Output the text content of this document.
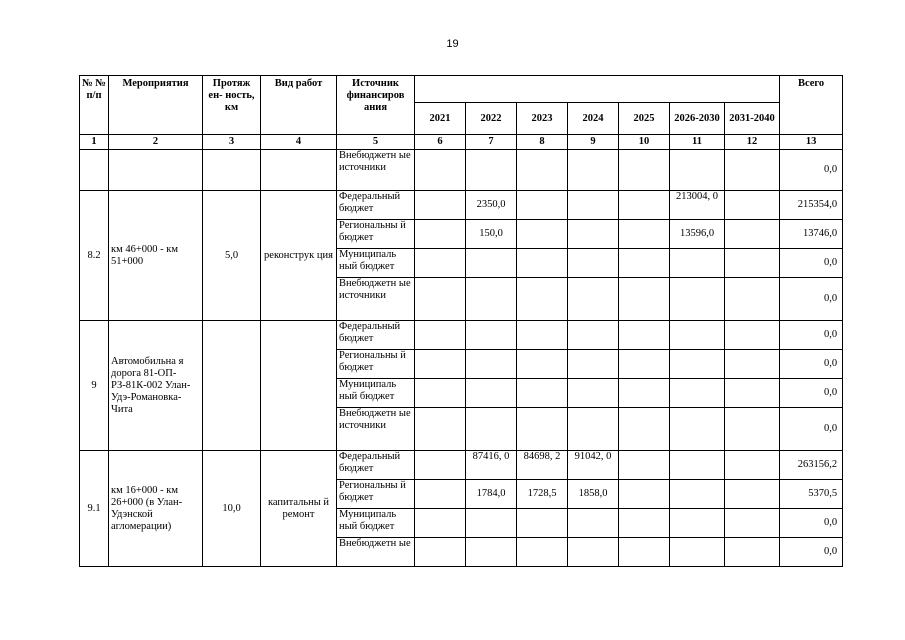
19
№ № п/п	Мероприятия	Протяж ен- ность, км	Вид работ	Источник финансиров ания								Всего
					2021	2022	2023	2024	2025	2026-2030	2031-2040	
1	2	3	4	5	6	7	8	9	10	11	12	13
				Внебюджетн ые источники								0,0
8.2	км 46+000 - км 51+000	5,0	реконструк ция	Федеральный бюджет		2350,0				213004, 0		215354,0
				Региональны й бюджет		150,0				13596,0		13746,0
				Муниципаль ный бюджет								0,0
				Внебюджетн ые источники								0,0
9	Автомобильна я дорога 81-ОП-РЗ-81К-002 Улан-Удэ-Романовка-Чита			Федеральный бюджет								0,0
				Региональны й бюджет								0,0
				Муниципаль ный бюджет								0,0
				Внебюджетн ые источники								0,0
9.1	км 16+000 - км 26+000 (в Улан-Удэнской агломерации)	10,0	капитальны й ремонт	Федеральный бюджет		87416, 0	84698, 2	91042, 0				263156,2
				Региональны й бюджет		1784,0	1728,5	1858,0				5370,5
				Муниципаль ный бюджет								0,0
				Внебюджетн ые								0,0
